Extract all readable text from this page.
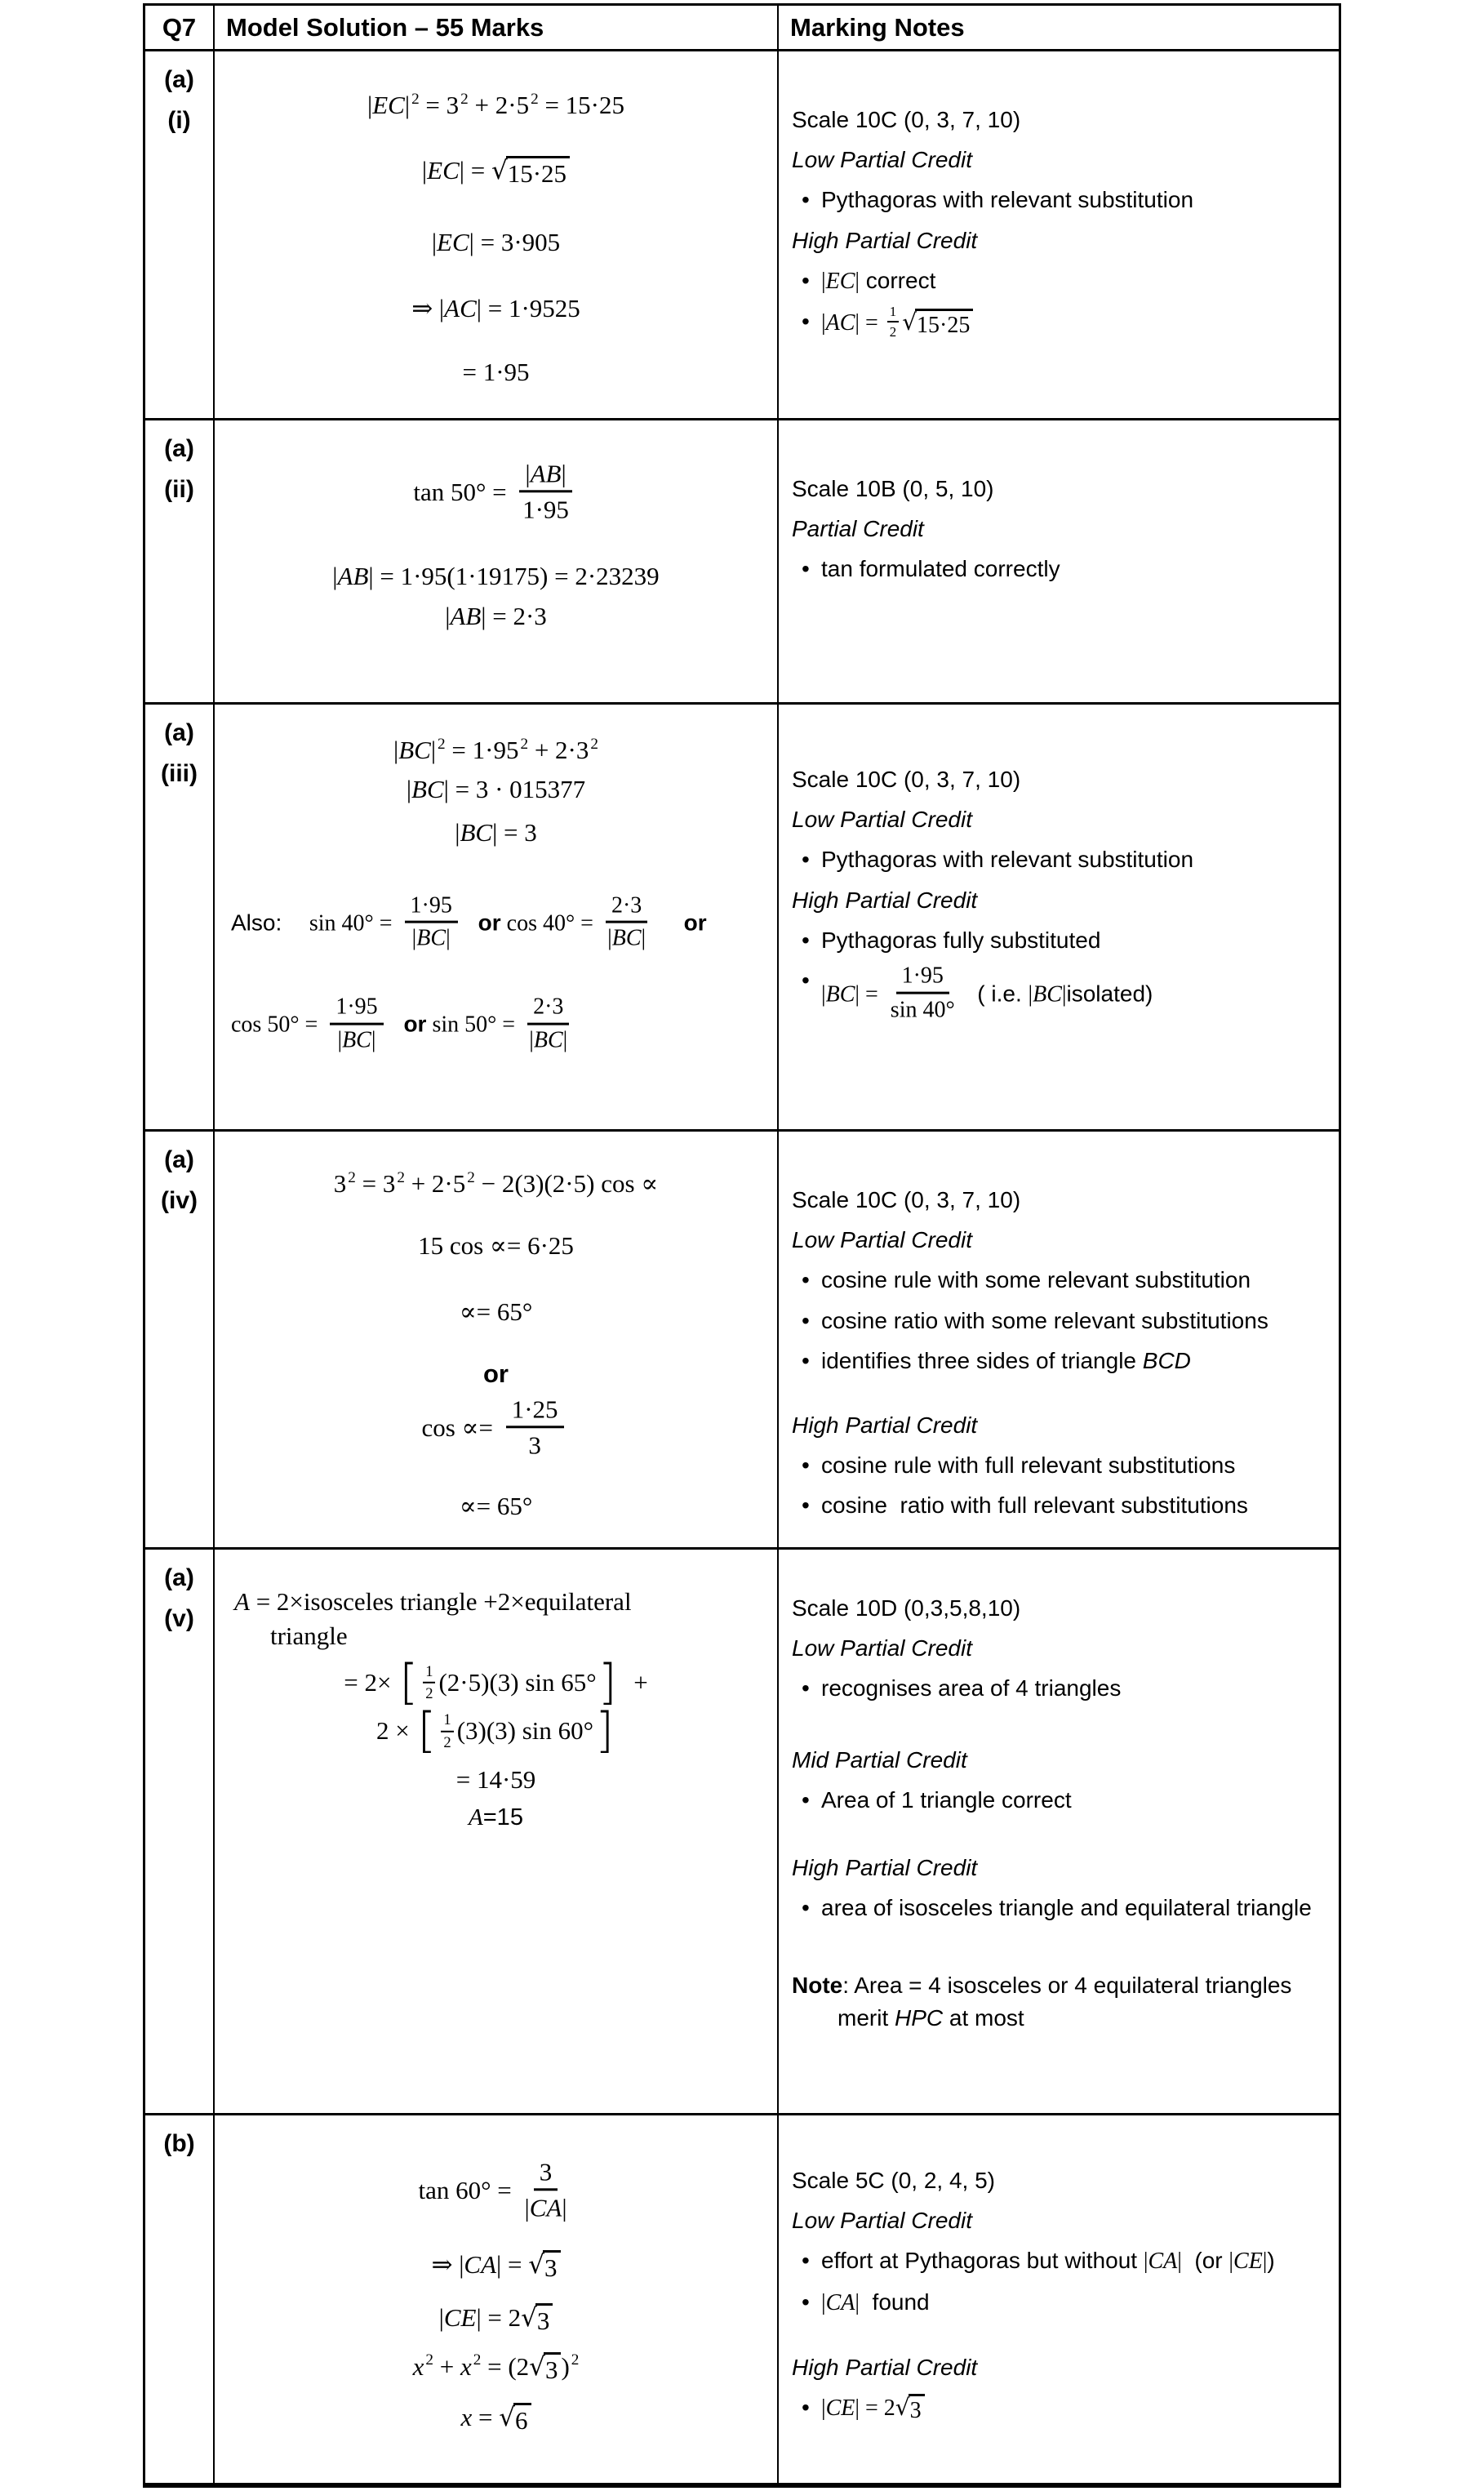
Q7 Model Solution – 55 Marks	Marking Notes
(a)
(i)
|EC| $^2$ = 3 $^2$ + 2·5 $^2$ = 15·25
|EC| = √ 15·25
|EC| = 3·905
⇒ |AC| = 1·9525
= 1·95
Scale 10C (0, 3, 7, 10)
Low Partial Credit
• Pythagoras with relevant substitution
High Partial Credit
• |EC| correct
• $|AC| = \frac{1}{2}$ √ 15·25
(a)
(ii)	$\tan 50^\circ = \frac{|AB|}{1\cdot 95}$
|AB| = 1·95(1·19175) = 2·23239
|AB| = 2·3
Scale 10B (0, 5, 10)
Partial Credit
• tan formulated correctly
(a)
(iii)
|BC| $^2$ = 1·95 $^2$ + 2·3 $^2$
|BC| = 3 · 015377
|BC| = 3
Also: $\sin 40^\circ = \frac{1\cdot 95}{|BC|}$ or $\cos 40^\circ = \frac{2\cdot 3}{|BC|}$ or
$\cos 50^\circ = \frac{1\cdot 95}{|BC|}$ or $\sin 50^\circ = \frac{2\cdot 3}{|BC|}$
Scale 10C (0, 3, 7, 10)
Low Partial Credit
• Pythagoras with relevant substitution
High Partial Credit
• Pythagoras fully substituted
•
$|BC| = \frac{1\cdot 95}{\sin 40^\circ}$ ( i.e. |BC|isolated)
(a)
(iv)
3 $^2$ = 3 $^2$ + 2·5 $^2$ − 2(3)(2·5) cos ∝
15 cos ∝= 6·25
∝= 65°
or
$\cos \propto= \frac{1\cdot 25}{3}$
∝= 65°
Scale 10C (0, 3, 7, 10)
Low Partial Credit
• cosine rule with some relevant substitution
• cosine ratio with some relevant substitutions
• identifies three sides of triangle BCD
High Partial Credit
• cosine rule with full relevant substitutions
• cosine  ratio with full relevant substitutions
(a)
(v)
A = 2×isosceles triangle +2×equilateral
triangle
= 2× [ $\frac{1}{2} (2\cdot 5)(3)$ sin 65°] +
2 × [ $\frac{1}{2} (3)(3)$ sin 60°]
= 14·59
A=15
Scale 10D (0,3,5,8,10)
Low Partial Credit
• recognises area of 4 triangles
Mid Partial Credit
• Area of 1 triangle correct
High Partial Credit
• area of isosceles triangle and equilateral triangle
Note: Area = 4 isosceles or 4 equilateral triangles merit HPC at most
(b)
$\tan 60^\circ = \frac{3}{|CA|}$
⇒ |CA| = √ 3
|CE| = 2 √ 3
x $^2$ + x $^2$ = (2 √ 3 ) $^2$
x = √ 6
Scale 5C (0, 2, 4, 5)
Low Partial Credit
• effort at Pythagoras but without |CA|  (or |CE|)
• |CA|  found
High Partial Credit
• |CE| = 2 √ 3
